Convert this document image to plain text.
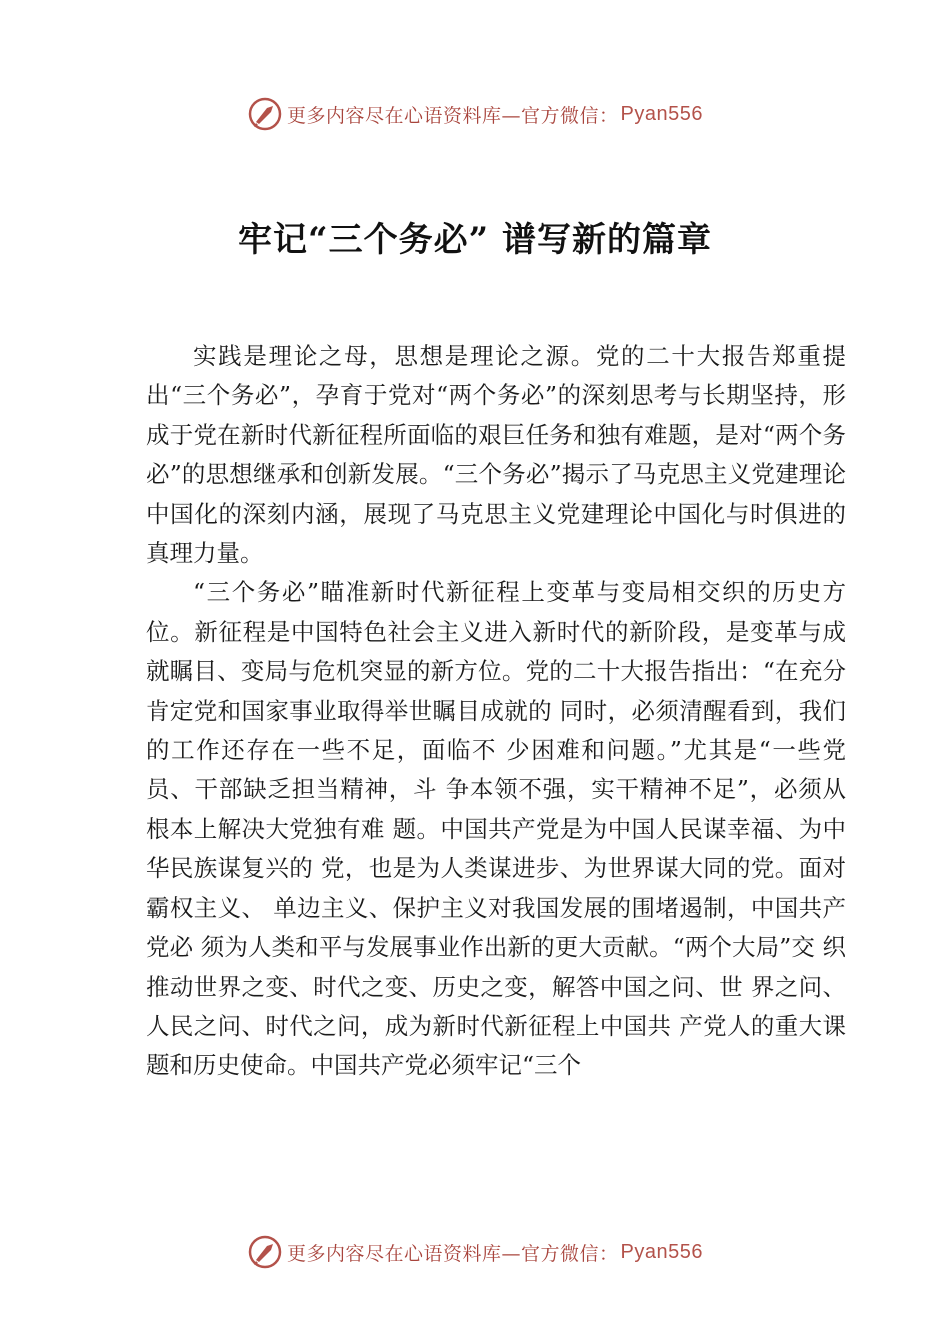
更多内容尽在心语资料库—官方微信： Pyan556
牢记“三个务必” 谱写新的篇章

实践是理论之母，思想是理论之源。党的二十大报告郑重提出“三个务必”，孕育于党对“两个务必”的深刻思考与长期坚持，形成于党在新时代新征程所面临的艰巨任务和独有难题，是对“两个务必”的思想继承和创新发展。“三个务必”揭示了马克思主义党建理论中国化的深刻内涵，展现了马克思主义党建理论中国化与时俱进的真理力量。

“三个务必”瞄准新时代新征程上变革与变局相交织的历史方位。新征程是中国特色社会主义进入新时代的新阶段，是变革与成就瞩目、变局与危机突显的新方位。党的二十大报告指出：“在充分肯定党和国家事业取得举世瞩目成就的 同时，必须清醒看到，我们的工作还存在一些不足，面临不 少困难和问题。”尤其是“一些党员、干部缺乏担当精神，斗 争本领不强，实干精神不足”，必须从根本上解决大党独有难 题。中国共产党是为中国人民谋幸福、为中华民族谋复兴的 党，也是为人类谋进步、为世界谋大同的党。面对霸权主义、 单边主义、保护主义对我国发展的围堵遏制，中国共产党必 须为人类和平与发展事业作出新的更大贡献。“两个大局”交 织推动世界之变、时代之变、历史之变，解答中国之问、世 界之问、人民之问、时代之问，成为新时代新征程上中国共 产党人的重大课题和历史使命。中国共产党必须牢记“三个

更多内容尽在心语资料库—官方微信： Pyan556
